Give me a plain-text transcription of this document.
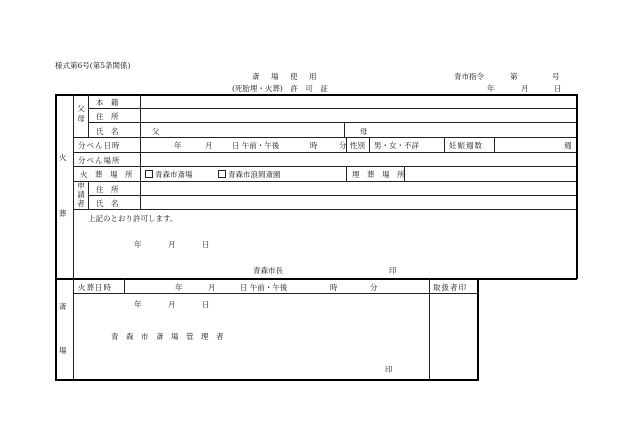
様式第6号(第5条関係)
斎　場　使　用
(死胎埋・火葬)　許　可　証
青市指令	第	号
年	月	日
火
葬
父母
本　籍
住　所
氏　名	父	母
分べん日時	年	月	日 午前・午後	時	分 性別 男・女・不詳	妊娠週数	週
分べん場所
火　葬　場　所	青森市斎場	青森市浪岡斎園	埋　葬　場　所
申請者
住　所
氏　名
上記のとおり許可します。
年	月	日
青森市長	印
斎
場
火葬日時	年	月	日 午前・午後	時	分	取扱者印
年	月	日
青　森　市　斎　場　管　理　者
印
